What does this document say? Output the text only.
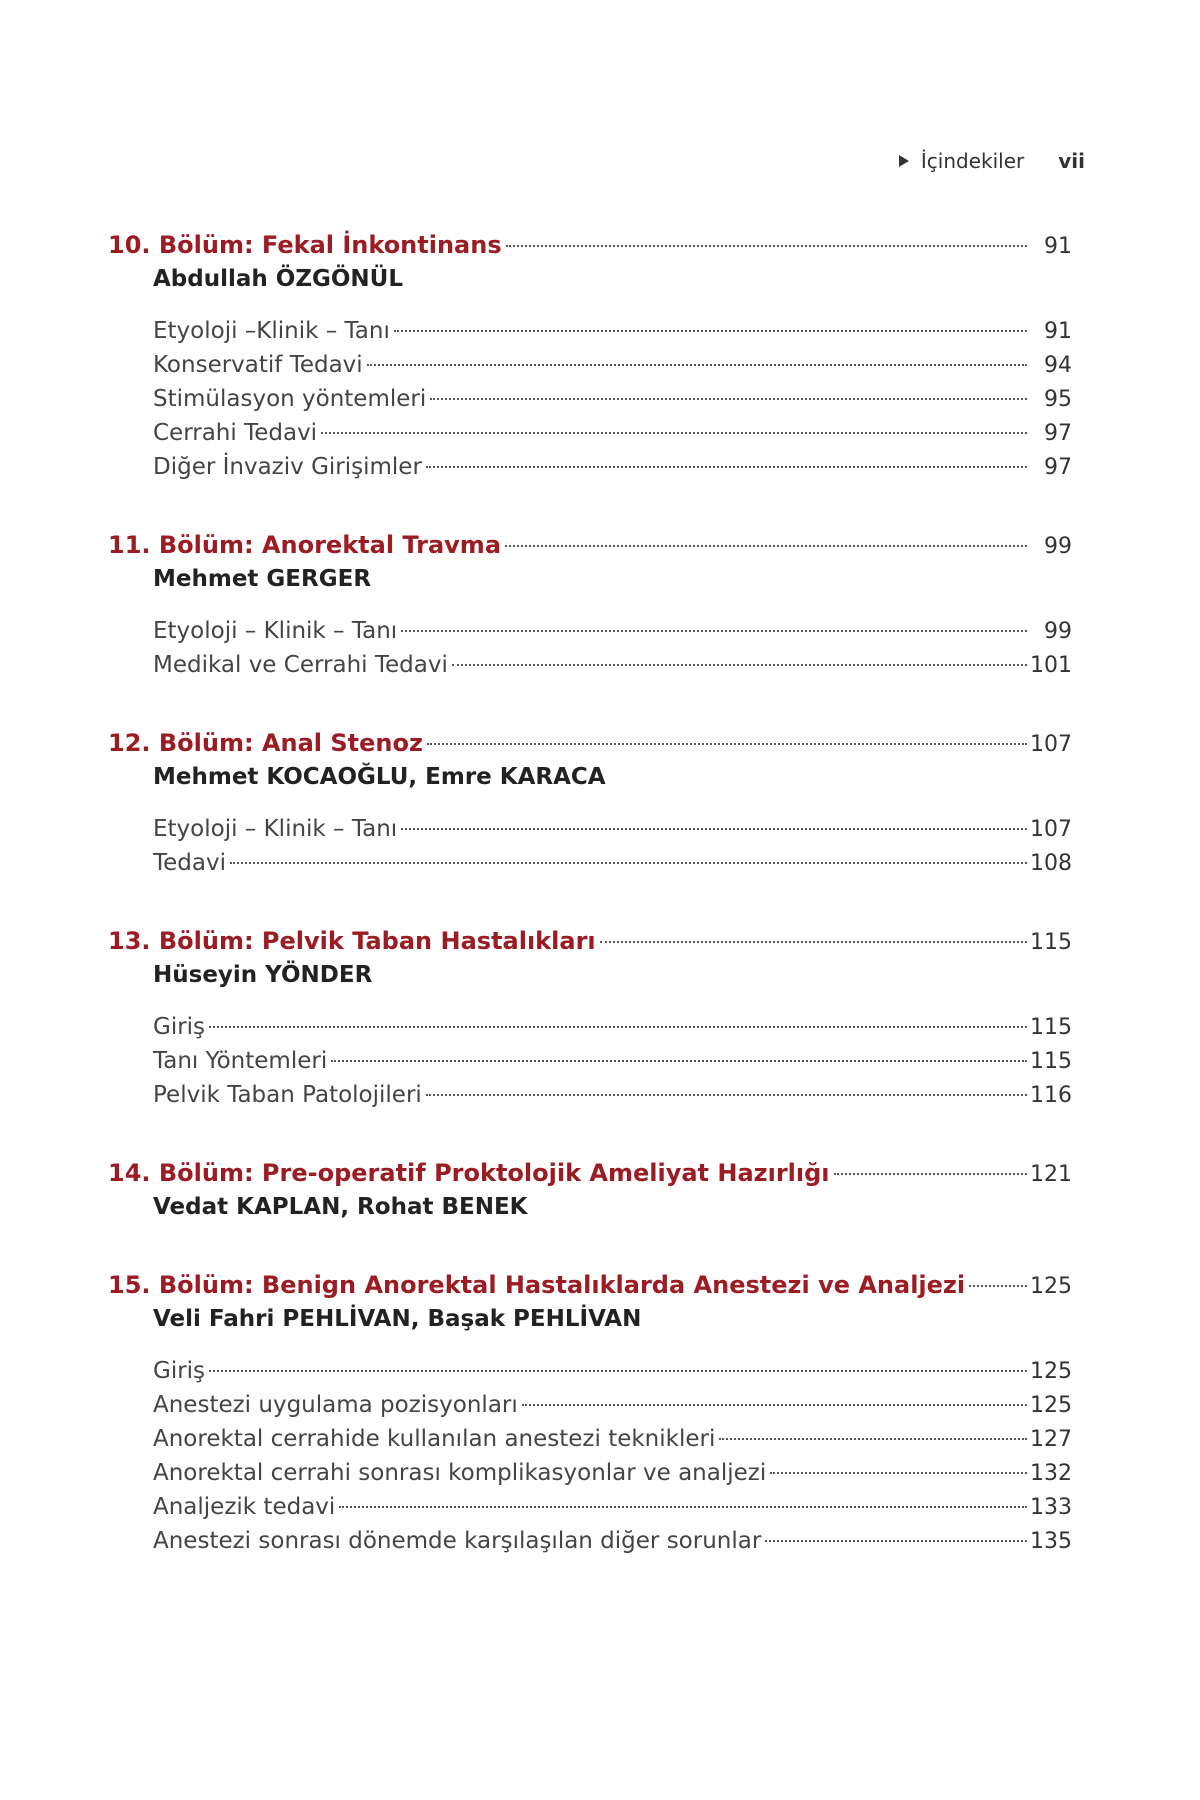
İçindekiler vii
10. Bölüm: Fekal İnkontinans	91
Abdullah ÖZGÖNÜL
Etyoloji –Klinik – Tanı	91
Konservatif Tedavi	94
Stimülasyon yöntemleri	95
Cerrahi Tedavi	97
Diğer İnvaziv Girişimler	97
11. Bölüm: Anorektal Travma	99
Mehmet GERGER
Etyoloji – Klinik – Tanı	99
Medikal ve Cerrahi Tedavi	101
12. Bölüm: Anal Stenoz	107
Mehmet KOCAOĞLU, Emre KARACA
Etyoloji – Klinik – Tanı	107
Tedavi	108
13. Bölüm: Pelvik Taban Hastalıkları	115
Hüseyin YÖNDER
Giriş	115
Tanı Yöntemleri	115
Pelvik Taban Patolojileri	116
14. Bölüm: Pre-operatif Proktolojik Ameliyat Hazırlığı	121
Vedat KAPLAN, Rohat BENEK
15. Bölüm: Benign Anorektal Hastalıklarda Anestezi ve Analjezi	125
Veli Fahri PEHLİVAN, Başak PEHLİVAN
Giriş	125
Anestezi uygulama pozisyonları	125
Anorektal cerrahide kullanılan anestezi teknikleri	127
Anorektal cerrahi sonrası komplikasyonlar ve analjezi	132
Analjezik tedavi	133
Anestezi sonrası dönemde karşılaşılan diğer sorunlar	135
